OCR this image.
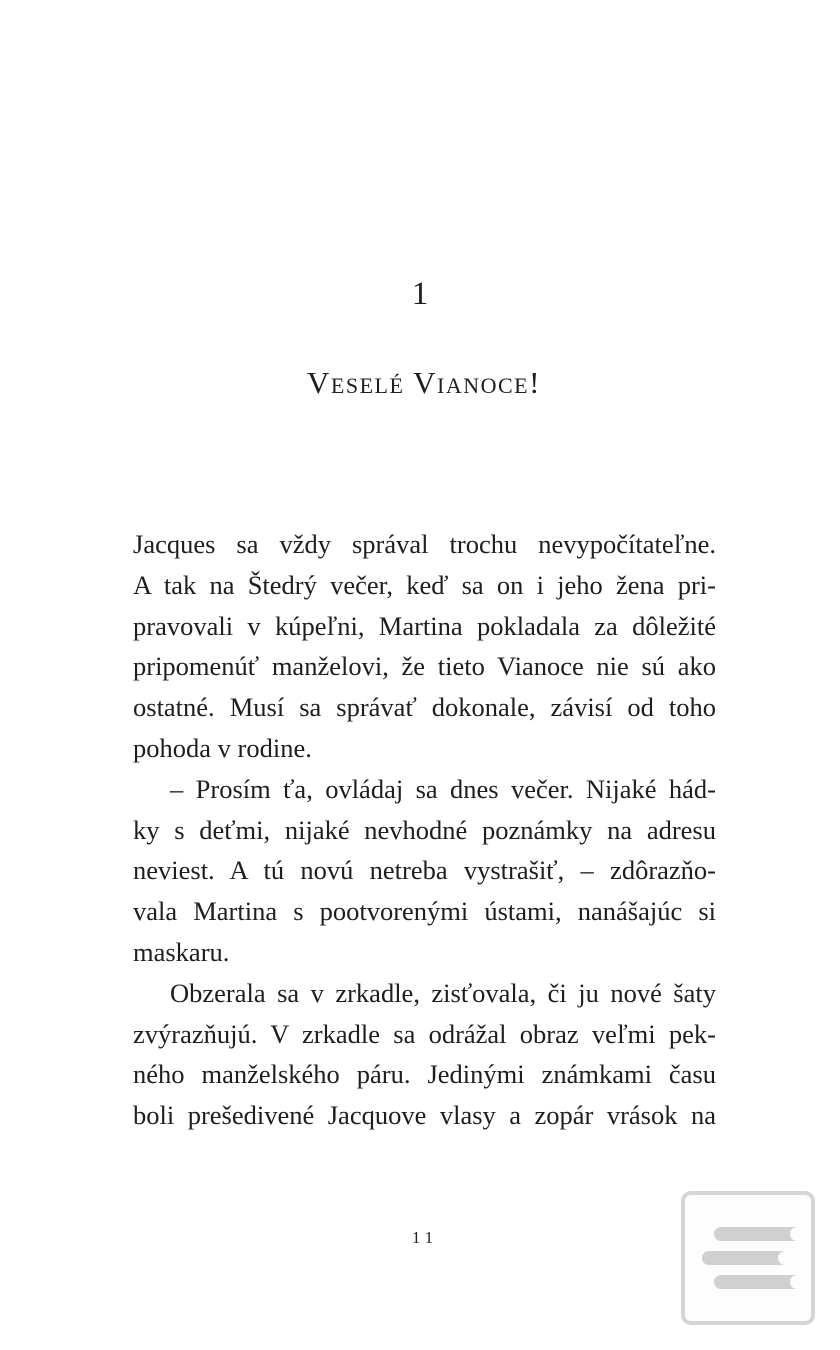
1
Veselé Vianoce!
Jacques sa vždy správal trochu nevypočítateľne.
A tak na Štedrý večer, keď sa on i jeho žena pri-
pravovali v kúpeľni, Martina pokladala za dôležité
pripomenúť manželovi, že tieto Vianoce nie sú ako
ostatné. Musí sa správať dokonale, závisí od toho
pohoda v rodine.
– Prosím ťa, ovládaj sa dnes večer. Nijaké hád-
ky s deťmi, nijaké nevhodné poznámky na adresu
neviest. A tú novú netreba vystrašiť, – zdôrazňo-
vala Martina s pootvorenými ústami, nanášajúc si
maskaru.
Obzerala sa v zrkadle, zisťovala, či ju nové šaty
zvýrazňujú. V zrkadle sa odrážal obraz veľmi pek-
ného manželského páru. Jedinými známkami času
boli prešedivené Jacquove vlasy a zopár vrások na
11
